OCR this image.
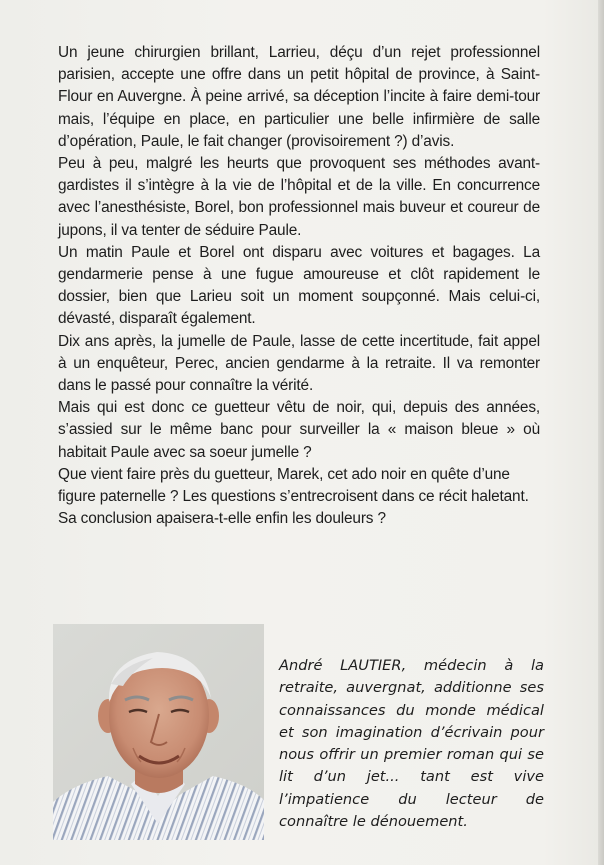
Un jeune chirurgien brillant, Larrieu, déçu d’un rejet professionnel parisien, accepte une offre dans un petit hôpital de province, à Saint-Flour en Auvergne. À peine arrivé, sa déception l’incite à faire demi-tour mais, l’équipe en place, en particulier une belle infirmière de salle d’opération, Paule, le fait changer (provisoirement ?) d’avis.

Peu à peu, malgré les heurts que provoquent ses méthodes avant-gardistes il s’intègre à la vie de l’hôpital et de la ville. En concurrence avec l’anesthésiste, Borel, bon professionnel mais buveur et coureur de jupons, il va tenter de séduire Paule.

Un matin Paule et Borel ont disparu avec voitures et bagages. La gendarmerie pense à une fugue amoureuse et clôt rapidement le dossier, bien que Larieu soit un moment soupçonné. Mais celui-ci, dévasté, disparaît également.

Dix ans après, la jumelle de Paule, lasse de cette incertitude, fait appel à un enquêteur, Perec, ancien gendarme à la retraite. Il va remonter dans le passé pour connaître la vérité.

Mais qui est donc ce guetteur vêtu de noir, qui, depuis des années, s’assied sur le même banc pour surveiller la « maison bleue » où habitait Paule avec sa soeur jumelle ?

Que vient faire près du guetteur, Marek, cet ado noir en quête d’une figure paternelle ? Les questions s’entrecroisent dans ce récit haletant. Sa conclusion apaisera-t-elle enfin les douleurs ?

André LAUTIER, médecin à la retraite, auvergnat, additionne ses connaissances du monde médical et son imagination d’écrivain pour nous offrir un premier roman qui se lit d’un jet... tant est vive l’impatience du lecteur de connaître le dénouement.
